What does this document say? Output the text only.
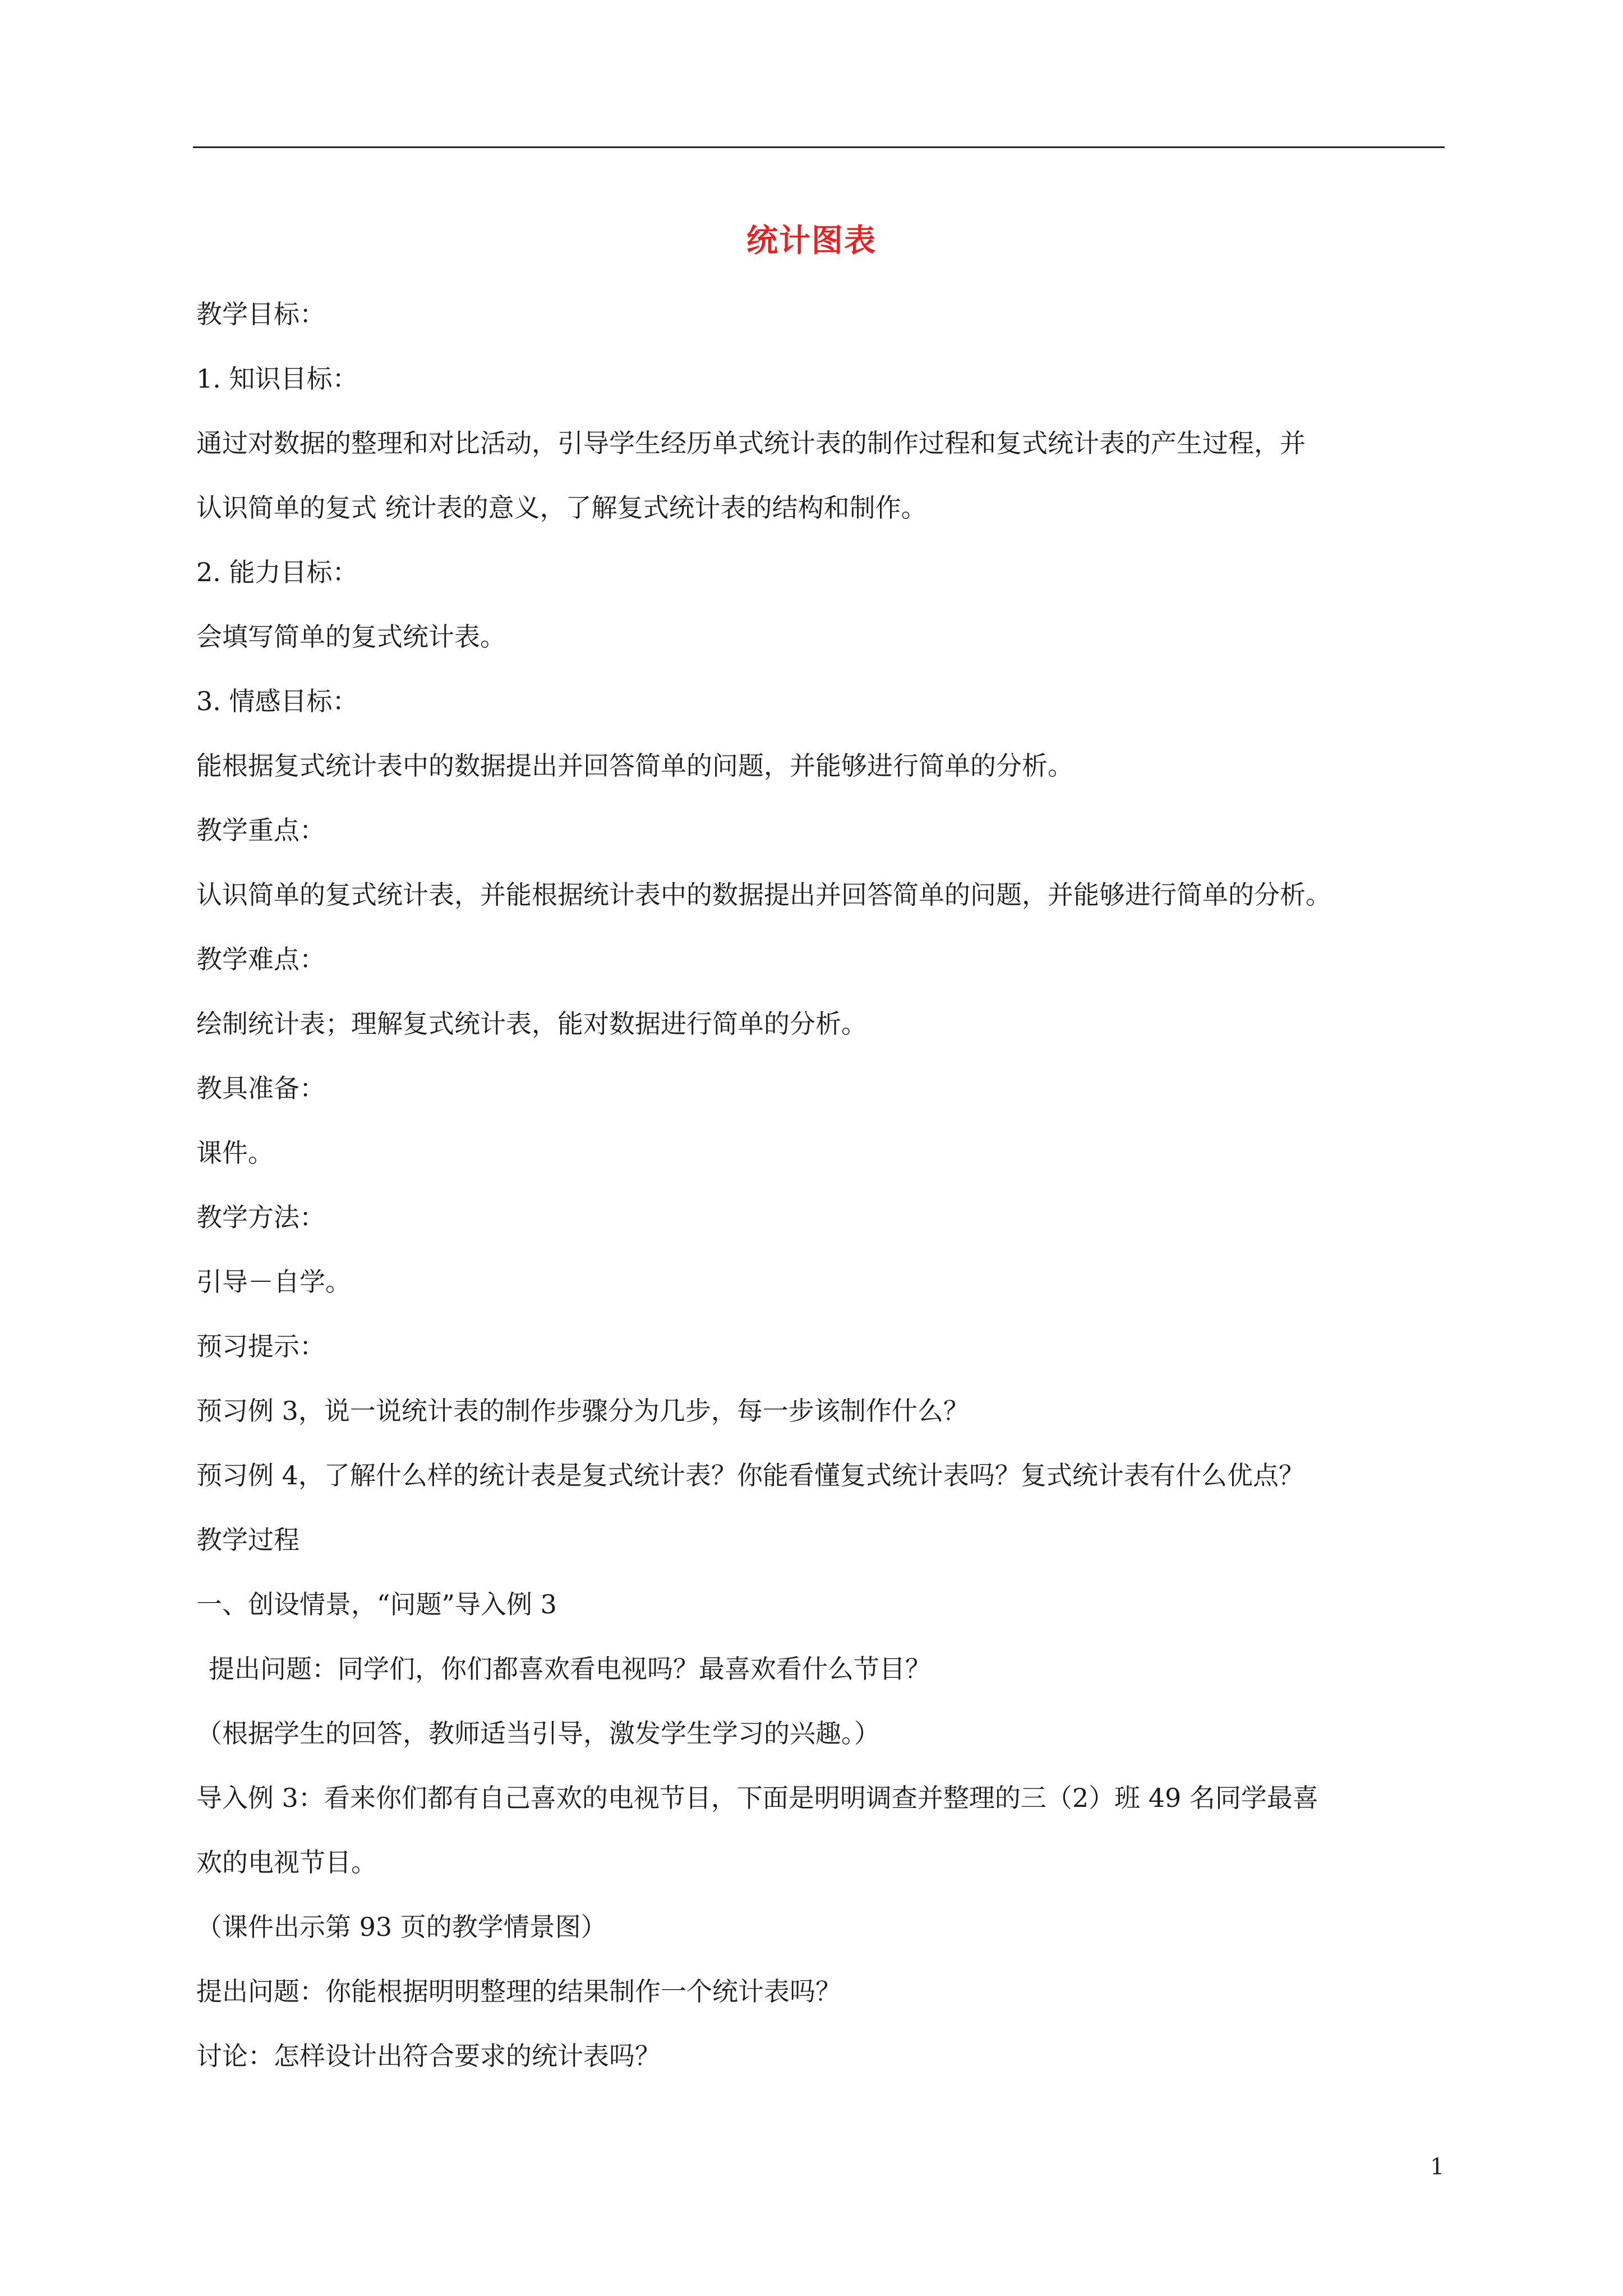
统计图表

教学目标：

1. 知识目标：

通过对数据的整理和对比活动，引导学生经历单式统计表的制作过程和复式统计表的产生过程，并

认识简单的复式 统计表的意义，了解复式统计表的结构和制作。

2. 能力目标：

会填写简单的复式统计表。

3. 情感目标：

能根据复式统计表中的数据提出并回答简单的问题，并能够进行简单的分析。

教学重点：

认识简单的复式统计表，并能根据统计表中的数据提出并回答简单的问题，并能够进行简单的分析。

教学难点：

绘制统计表；理解复式统计表，能对数据进行简单的分析。

教具准备：

课件。

教学方法：

引导－自学。

预习提示：

预习例 3，说一说统计表的制作步骤分为几步，每一步该制作什么？

预习例 4，了解什么样的统计表是复式统计表？你能看懂复式统计表吗？复式统计表有什么优点？

教学过程

一、创设情景，“问题”导入例 3

提出问题：同学们，你们都喜欢看电视吗？最喜欢看什么节目？

（根据学生的回答，教师适当引导，激发学生学习的兴趣。）

导入例 3：看来你们都有自己喜欢的电视节目，下面是明明调查并整理的三（2）班 49 名同学最喜

欢的电视节目。

（课件出示第 93 页的教学情景图）

提出问题：你能根据明明整理的结果制作一个统计表吗？

讨论：怎样设计出符合要求的统计表吗？

1
